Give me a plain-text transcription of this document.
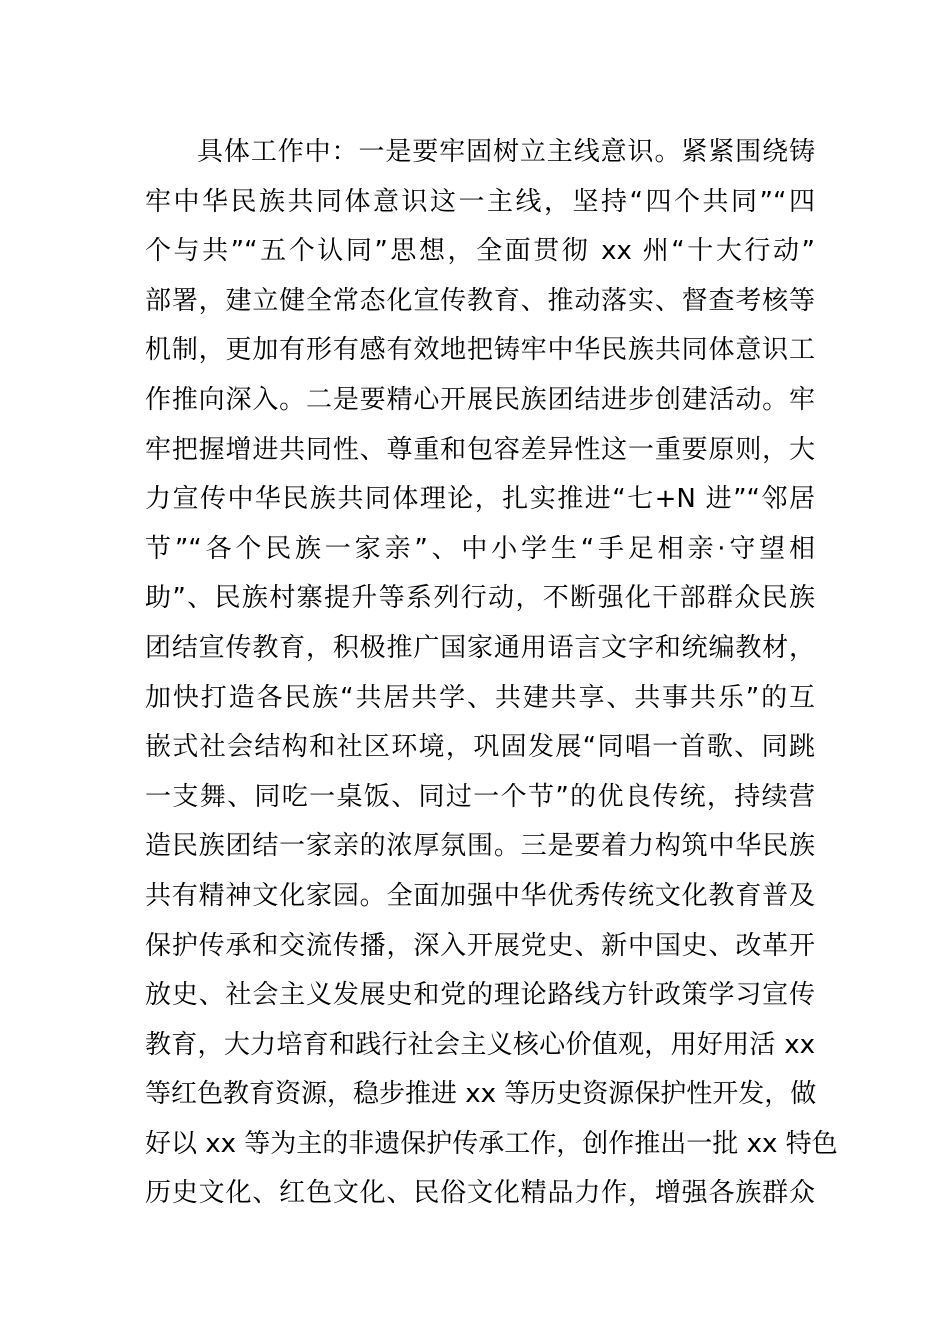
具体工作中：一是要牢固树立主线意识。紧紧围绕铸
牢中华民族共同体意识这一主线，坚持“四个共同”“四
个与共”“五个认同”思想，全面贯彻 xx 州“十大行动”
部署，建立健全常态化宣传教育、推动落实、督查考核等
机制，更加有形有感有效地把铸牢中华民族共同体意识工
作推向深入。二是要精心开展民族团结进步创建活动。牢
牢把握增进共同性、尊重和包容差异性这一重要原则，大
力宣传中华民族共同体理论，扎实推进“七+N 进”“邻居
节”“各个民族一家亲”、中小学生“手足相亲·守望相
助”、民族村寨提升等系列行动，不断强化干部群众民族
团结宣传教育，积极推广国家通用语言文字和统编教材，
加快打造各民族“共居共学、共建共享、共事共乐”的互
嵌式社会结构和社区环境，巩固发展“同唱一首歌、同跳
一支舞、同吃一桌饭、同过一个节”的优良传统，持续营
造民族团结一家亲的浓厚氛围。三是要着力构筑中华民族
共有精神文化家园。全面加强中华优秀传统文化教育普及
保护传承和交流传播，深入开展党史、新中国史、改革开
放史、社会主义发展史和党的理论路线方针政策学习宣传
教育，大力培育和践行社会主义核心价值观，用好用活 xx
等红色教育资源，稳步推进 xx 等历史资源保护性开发，做
好以 xx 等为主的非遗保护传承工作，创作推出一批 xx 特色
历史文化、红色文化、民俗文化精品力作，增强各族群众
